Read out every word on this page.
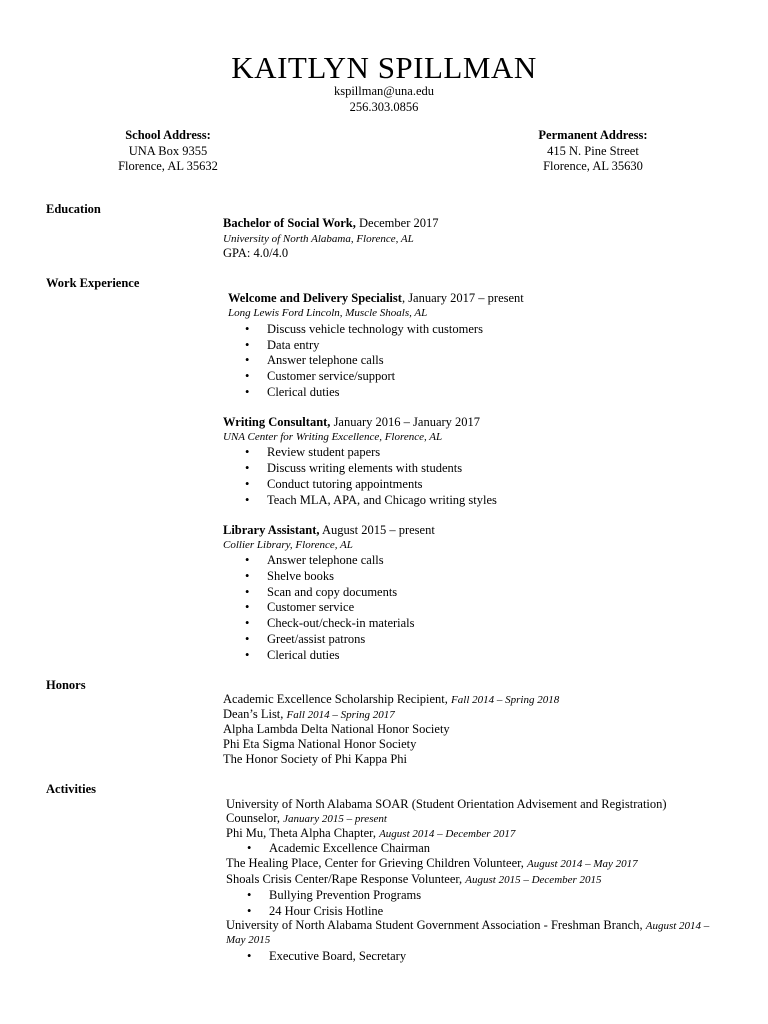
KAITLYN SPILLMAN
kspillman@una.edu
256.303.0856
School Address:
UNA Box 9355
Florence, AL 35632
Permanent Address:
415 N. Pine Street
Florence, AL 35630
Education
Bachelor of Social Work, December 2017
University of North Alabama, Florence, AL
GPA: 4.0/4.0
Work Experience
Welcome and Delivery Specialist, January 2017 – present
Long Lewis Ford Lincoln, Muscle Shoals, AL
• Discuss vehicle technology with customers
• Data entry
• Answer telephone calls
• Customer service/support
• Clerical duties
Writing Consultant, January 2016 – January 2017
UNA Center for Writing Excellence, Florence, AL
• Review student papers
• Discuss writing elements with students
• Conduct tutoring appointments
• Teach MLA, APA, and Chicago writing styles
Library Assistant, August 2015 – present
Collier Library, Florence, AL
• Answer telephone calls
• Shelve books
• Scan and copy documents
• Customer service
• Check-out/check-in materials
• Greet/assist patrons
• Clerical duties
Honors
Academic Excellence Scholarship Recipient, Fall 2014 – Spring 2018
Dean’s List, Fall 2014 – Spring 2017
Alpha Lambda Delta National Honor Society
Phi Eta Sigma National Honor Society
The Honor Society of Phi Kappa Phi
Activities
University of North Alabama SOAR (Student Orientation Advisement and Registration)
Counselor, January 2015 – present
Phi Mu, Theta Alpha Chapter, August 2014 – December 2017
• Academic Excellence Chairman
The Healing Place, Center for Grieving Children Volunteer, August 2014 – May 2017
Shoals Crisis Center/Rape Response Volunteer, August 2015 – December 2015
• Bullying Prevention Programs
• 24 Hour Crisis Hotline
University of North Alabama Student Government Association - Freshman Branch, August 2014 –
May 2015
• Executive Board, Secretary
